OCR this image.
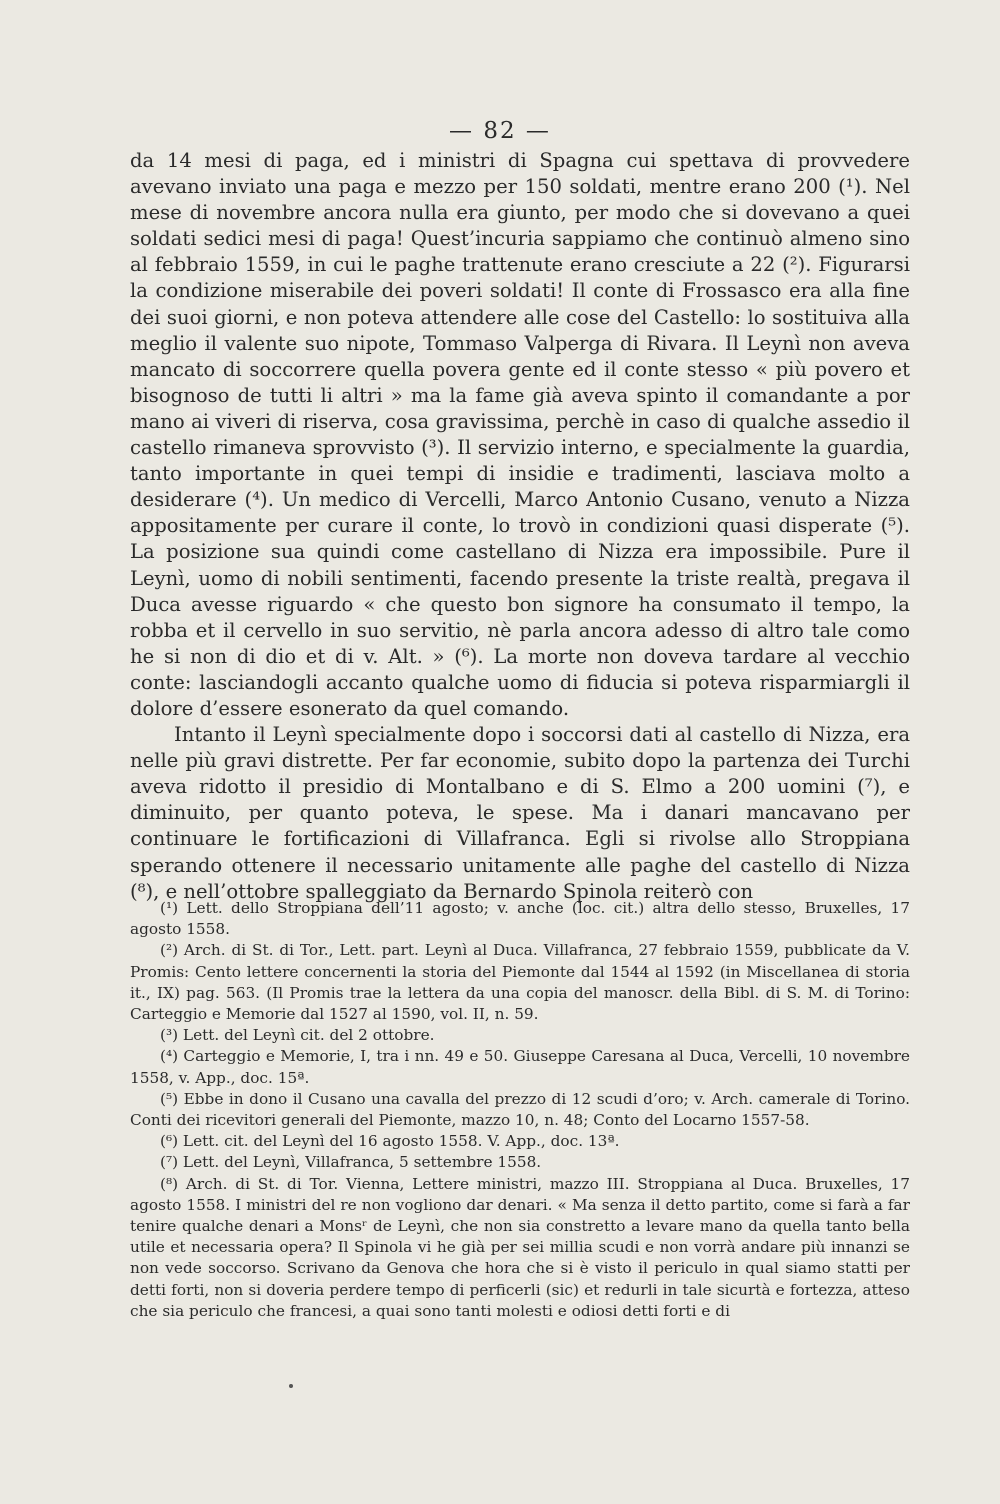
— 82 —

da 14 mesi di paga, ed i ministri di Spagna cui spettava di provvedere avevano inviato una paga e mezzo per 150 soldati, mentre erano 200 (¹). Nel mese di novembre ancora nulla era giunto, per modo che si dovevano a quei soldati sedici mesi di paga! Quest’incuria sappiamo che continuò almeno sino al febbraio 1559, in cui le paghe trattenute erano cresciute a 22 (²). Figurarsi la condizione miserabile dei poveri soldati! Il conte di Frossasco era alla fine dei suoi giorni, e non poteva attendere alle cose del Castello: lo sostituiva alla meglio il valente suo nipote, Tommaso Valperga di Rivara. Il Leynì non aveva mancato di soccorrere quella povera gente ed il conte stesso « più povero et bisognoso de tutti li altri » ma la fame già aveva spinto il comandante a por mano ai viveri di riserva, cosa gravissima, perchè in caso di qualche assedio il castello rimaneva sprovvisto (³). Il servizio interno, e specialmente la guardia, tanto importante in quei tempi di insidie e tradimenti, lasciava molto a desiderare (⁴). Un medico di Vercelli, Marco Antonio Cusano, venuto a Nizza appositamente per curare il conte, lo trovò in condizioni quasi disperate (⁵). La posizione sua quindi come castellano di Nizza era impossibile. Pure il Leynì, uomo di nobili sentimenti, facendo presente la triste realtà, pregava il Duca avesse riguardo « che questo bon signore ha consumato il tempo, la robba et il cervello in suo servitio, nè parla ancora adesso di altro tale como he si non di dio et di v. Alt. » (⁶). La morte non doveva tardare al vecchio conte: lasciandogli accanto qualche uomo di fiducia si poteva risparmiargli il dolore d’essere esonerato da quel comando.

Intanto il Leynì specialmente dopo i soccorsi dati al castello di Nizza, era nelle più gravi distrette. Per far economie, subito dopo la partenza dei Turchi aveva ridotto il presidio di Montalbano e di S. Elmo a 200 uomini (⁷), e diminuito, per quanto poteva, le spese. Ma i danari mancavano per continuare le fortificazioni di Villafranca. Egli si rivolse allo Stroppiana sperando ottenere il necessario unitamente alle paghe del castello di Nizza (⁸), e nell’ottobre spalleggiato da Bernardo Spinola reiterò con

(¹) Lett. dello Stroppiana dell’11 agosto; v. anche (loc. cit.) altra dello stesso, Bruxelles, 17 agosto 1558.

(²) Arch. di St. di Tor., Lett. part. Leynì al Duca. Villafranca, 27 febbraio 1559, pubblicate da V. Promis: Cento lettere concernenti la storia del Piemonte dal 1544 al 1592 (in Miscellanea di storia it., IX) pag. 563. (Il Promis trae la lettera da una copia del manoscr. della Bibl. di S. M. di Torino: Carteggio e Memorie dal 1527 al 1590, vol. II, n. 59.

(³) Lett. del Leynì cit. del 2 ottobre.

(⁴) Carteggio e Memorie, I, tra i nn. 49 e 50. Giuseppe Caresana al Duca, Vercelli, 10 novembre 1558, v. App., doc. 15ª.

(⁵) Ebbe in dono il Cusano una cavalla del prezzo di 12 scudi d’oro; v. Arch. camerale di Torino. Conti dei ricevitori generali del Piemonte, mazzo 10, n. 48; Conto del Locarno 1557-58.

(⁶) Lett. cit. del Leynì del 16 agosto 1558. V. App., doc. 13ª.

(⁷) Lett. del Leynì, Villafranca, 5 settembre 1558.

(⁸) Arch. di St. di Tor. Vienna, Lettere ministri, mazzo III. Stroppiana al Duca. Bruxelles, 17 agosto 1558. I ministri del re non vogliono dar denari. « Ma senza il detto partito, come si farà a far tenire qualche denari a Monsʳ de Leynì, che non sia constretto a levare mano da quella tanto bella utile et necessaria opera? Il Spinola vi he già per sei millia scudi e non vorrà andare più innanzi se non vede soccorso. Scrivano da Genova che hora che si è visto il periculo in qual siamo statti per detti forti, non si doveria perdere tempo di perficerli (sic) et redurli in tale sicurtà e fortezza, atteso che sia periculo che francesi, a quai sono tanti molesti e odiosi detti forti e di
